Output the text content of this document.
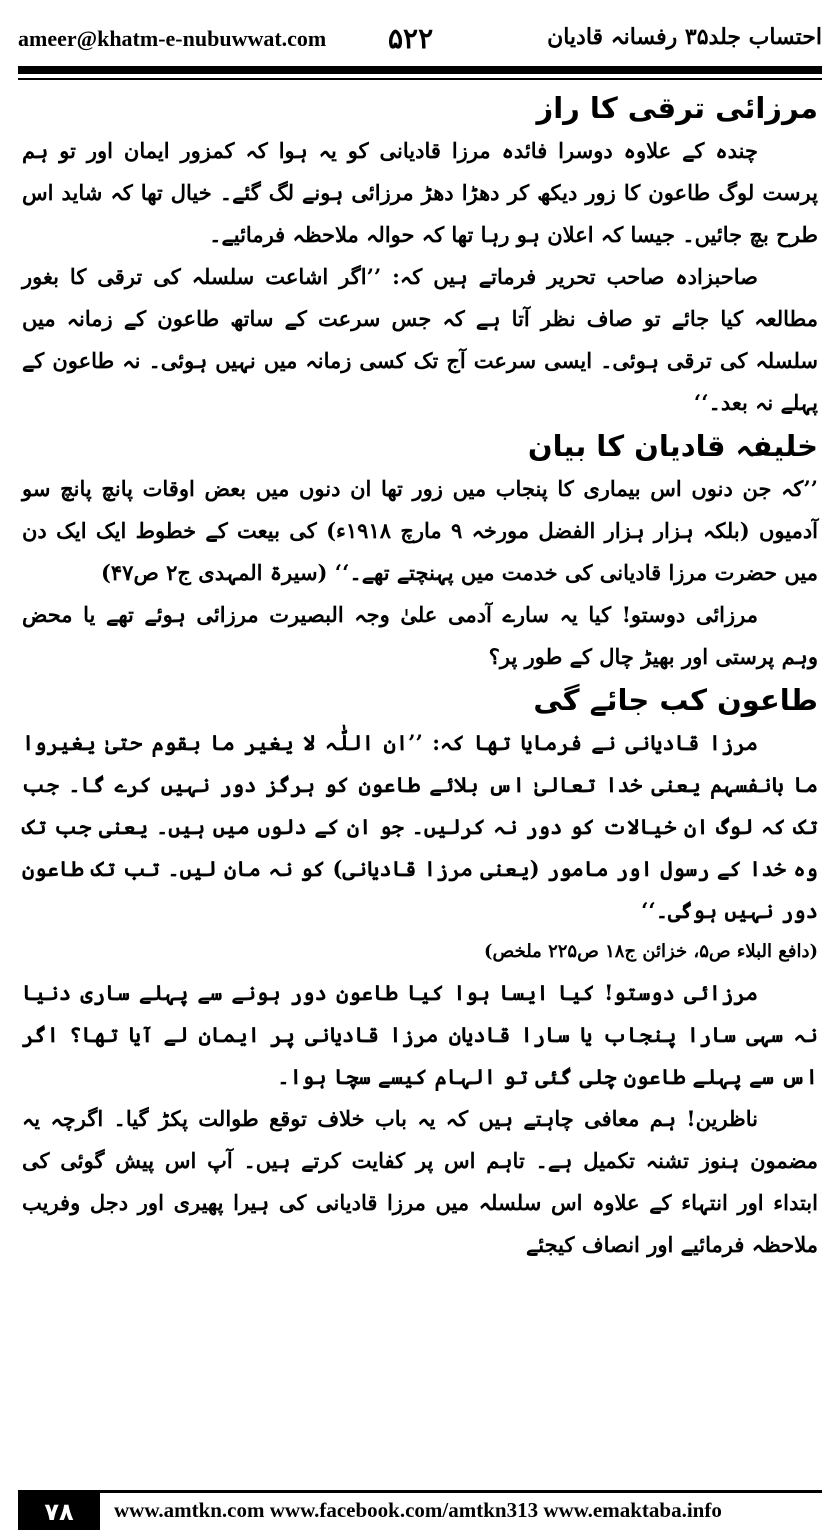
ameer@khatm-e-nubuwwat.com ۵۲۲	احتساب جلد۳۵ رفسانہ قادیان
مرزائی ترقی کا راز

چندہ کے علاوہ دوسرا فائدہ مرزا قادیانی کو یہ ہوا کہ کمزور ایمان اور تو ہم پرست لوگ طاعون کا زور دیکھ کر دھڑا دھڑ مرزائی ہونے لگ گئے۔ خیال تھا کہ شاید اس طرح بچ جائیں۔ جیسا کہ اعلان ہو رہا تھا کہ حوالہ ملاحظہ فرمائیے۔

صاحبزادہ صاحب تحریر فرماتے ہیں کہ: ’’اگر اشاعت سلسلہ کی ترقی کا بغور مطالعہ کیا جائے تو صاف نظر آتا ہے کہ جس سرعت کے ساتھ طاعون کے زمانہ میں سلسلہ کی ترقی ہوئی۔ ایسی سرعت آج تک کسی زمانہ میں نہیں ہوئی۔ نہ طاعون کے پہلے نہ بعد۔‘‘

خلیفہ قادیان کا بیان

’’کہ جن دنوں اس بیماری کا پنجاب میں زور تھا ان دنوں میں بعض اوقات پانچ پانچ سو آدمیوں (بلکہ ہزار ہزار الفضل مورخہ ۹ مارچ ۱۹۱۸ء) کی بیعت کے خطوط ایک ایک دن میں حضرت مرزا قادیانی کی خدمت میں پہنچتے تھے۔‘‘ (سیرۃ المہدی ج۲ ص۴۷)

مرزائی دوستو! کیا یہ سارے آدمی علیٰ وجہ البصیرت مرزائی ہوئے تھے یا محض وہم پرستی اور بھیڑ چال کے طور پر؟

طاعون کب جائے گی

مرزا قادیانی نے فرمایا تھا کہ: ’’ان اللّٰہ لا یغیر ما بقوم حتیٰ یغیروا ما بانفسہم یعنی خدا تعالیٰ اس بلائے طاعون کو ہرگز دور نہیں کرے گا۔ جب تک کہ لوگ ان خیالات کو دور نہ کرلیں۔ جو ان کے دلوں میں ہیں۔ یعنی جب تک وہ خدا کے رسول اور مامور (یعنی مرزا قادیانی) کو نہ مان لیں۔ تب تک طاعون دور نہیں ہوگی۔‘‘

(دافع البلاء ص۵، خزائن ج۱۸ ص۲۲۵ ملخص)

مرزائی دوستو! کیا ایسا ہوا کیا طاعون دور ہونے سے پہلے ساری دنیا نہ سہی سارا پنجاب یا سارا قادیان مرزا قادیانی پر ایمان لے آیا تھا؟ اگر اس سے پہلے طاعون چلی گئی تو الہام کیسے سچا ہوا۔

ناظرین! ہم معافی چاہتے ہیں کہ یہ باب خلاف توقع طوالت پکڑ گیا۔ اگرچہ یہ مضمون ہنوز تشنہ تکمیل ہے۔ تاہم اس پر کفایت کرتے ہیں۔ آپ اس پیش گوئی کی ابتداء اور انتہاء کے علاوہ اس سلسلہ میں مرزا قادیانی کی ہیرا پھیری اور دجل وفریب ملاحظہ فرمائیے اور انصاف کیجئے

۷۸	www.amtkn.com www.facebook.com/amtkn313 www.emaktaba.info
